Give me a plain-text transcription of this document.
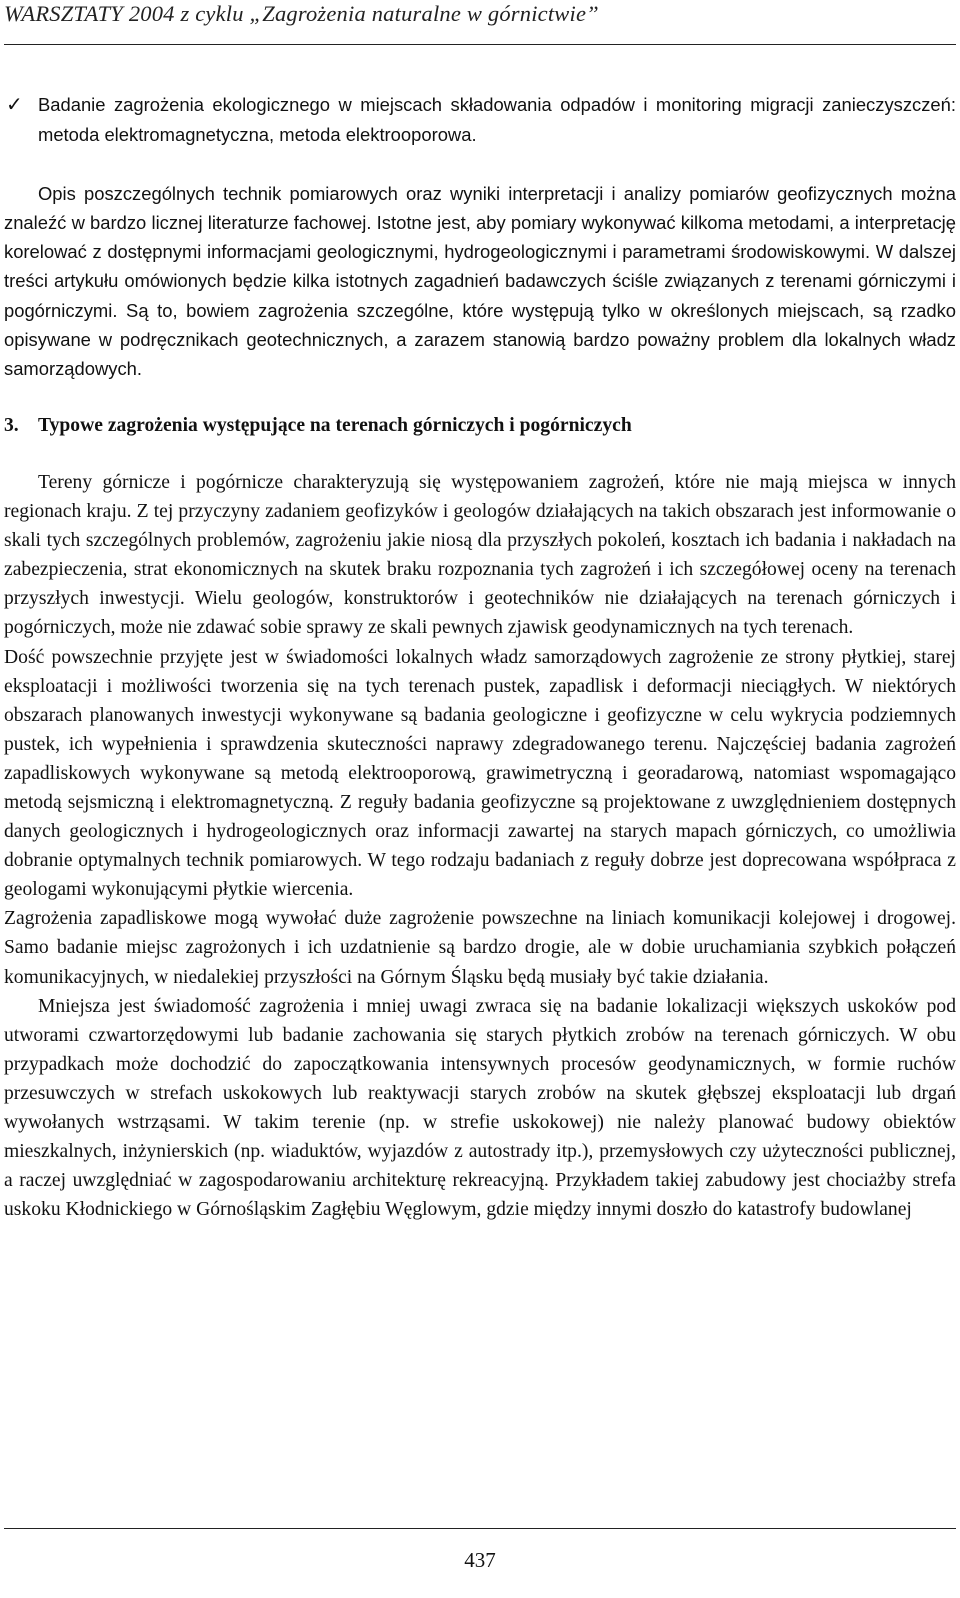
WARSZTATY 2004 z cyklu „Zagrożenia naturalne w górnictwie”

✓ Badanie zagrożenia ekologicznego w miejscach składowania odpadów i monitoring migracji zanieczyszczeń: metoda elektromagnetyczna, metoda elektrooporowa.

Opis poszczególnych technik pomiarowych oraz wyniki interpretacji i analizy pomiarów geofizycznych można znaleźć w bardzo licznej literaturze fachowej. Istotne jest, aby pomiary wykonywać kilkoma metodami, a interpretację korelować z dostępnymi informacjami geologicznymi, hydrogeologicznymi i parametrami środowiskowymi. W dalszej treści artykułu omówionych będzie kilka istotnych zagadnień badawczych ściśle związanych z terenami górniczymi i pogórniczymi. Są to, bowiem zagrożenia szczególne, które występują tylko w określonych miejscach, są rzadko opisywane w podręcznikach geotechnicznych, a zarazem stanowią bardzo poważny problem dla lokalnych władz samorządowych.

3. Typowe zagrożenia występujące na terenach górniczych i pogórniczych

Tereny górnicze i pogórnicze charakteryzują się występowaniem zagrożeń, które nie mają miejsca w innych regionach kraju. Z tej przyczyny zadaniem geofizyków i geologów działających na takich obszarach jest informowanie o skali tych szczególnych problemów, zagrożeniu jakie niosą dla przyszłych pokoleń, kosztach ich badania i nakładach na zabezpieczenia, strat ekonomicznych na skutek braku rozpoznania tych zagrożeń i ich szczegółowej oceny na terenach przyszłych inwestycji. Wielu geologów, konstruktorów i geotechników nie działających na terenach górniczych i pogórniczych, może nie zdawać sobie sprawy ze skali pewnych zjawisk geodynamicznych na tych terenach.

Dość powszechnie przyjęte jest w świadomości lokalnych władz samorządowych zagrożenie ze strony płytkiej, starej eksploatacji i możliwości tworzenia się na tych terenach pustek, zapadlisk i deformacji nieciągłych. W niektórych obszarach planowanych inwestycji wykonywane są badania geologiczne i geofizyczne w celu wykrycia podziemnych pustek, ich wypełnienia i sprawdzenia skuteczności naprawy zdegradowanego terenu. Najczęściej badania zagrożeń zapadliskowych wykonywane są metodą elektrooporową, grawimetryczną i georadarową, natomiast wspomagająco metodą sejsmiczną i elektromagnetyczną. Z reguły badania geofizyczne są projektowane z uwzględnieniem dostępnych danych geologicznych i hydrogeologicznych oraz informacji zawartej na starych mapach górniczych, co umożliwia dobranie optymalnych technik pomiarowych. W tego rodzaju badaniach z reguły dobrze jest doprecowana współpraca z geologami wykonującymi płytkie wiercenia.

Zagrożenia zapadliskowe mogą wywołać duże zagrożenie powszechne na liniach komunikacji kolejowej i drogowej. Samo badanie miejsc zagrożonych i ich uzdatnienie są bardzo drogie, ale w dobie uruchamiania szybkich połączeń komunikacyjnych, w niedalekiej przyszłości na Górnym Śląsku będą musiały być takie działania.

Mniejsza jest świadomość zagrożenia i mniej uwagi zwraca się na badanie lokalizacji większych uskoków pod utworami czwartorzędowymi lub badanie zachowania się starych płytkich zrobów na terenach górniczych. W obu przypadkach może dochodzić do zapoczątkowania intensywnych procesów geodynamicznych, w formie ruchów przesuwczych w strefach uskokowych lub reaktywacji starych zrobów na skutek głębszej eksploatacji lub drgań wywołanych wstrząsami. W takim terenie (np. w strefie uskokowej) nie należy planować budowy obiektów mieszkalnych, inżynierskich (np. wiaduktów, wyjazdów z autostrady itp.), przemysłowych czy użyteczności publicznej, a raczej uwzględniać w zagospodarowaniu architekturę rekreacyjną. Przykładem takiej zabudowy jest chociażby strefa uskoku Kłodnickiego w Górnośląskim Zagłębiu Węglowym, gdzie między innymi doszło do katastrofy budowlanej

437
